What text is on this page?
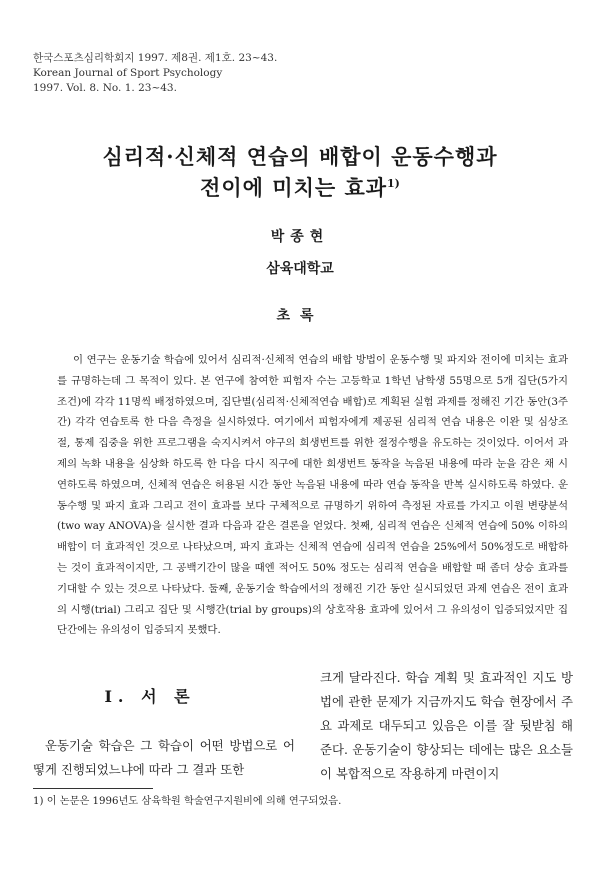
한국스포츠심리학회지 1997. 제8권. 제1호. 23~43.
Korean Journal of Sport Psychology
1997. Vol. 8. No. 1. 23~43.
심리적·신체적 연습의 배합이 운동수행과
전이에 미치는 효과$^{1)}$
박종현
삼육대학교
초록

이 연구는 운동기술 학습에 있어서 심리적·신체적 연습의 배합 방법이 운동수행 및 파지와 전이에 미치는 효과를 규명하는데 그 목적이 있다. 본 연구에 참여한 피험자 수는 고등학교 1학년 남학생 55명으로 5개 집단(5가지 조건)에 각각 11명씩 배정하였으며, 집단별(심리적·신체적연습 배합)로 계획된 실험 과제를 정해진 기간 동안(3주간) 각각 연습토록 한 다음 측정을 실시하였다. 여기에서 피험자에게 제공된 심리적 연습 내용은 이완 및 심상조절, 통제 집중을 위한 프로그램을 숙지시켜서 야구의 희생번트를 위한 절정수행을 유도하는 것이었다. 이어서 과제의 녹화 내용을 심상화 하도록 한 다음 다시 직구에 대한 희생번트 동작을 녹음된 내용에 따라 눈을 감은 채 시연하도록 하였으며, 신체적 연습은 허용된 시간 동안 녹음된 내용에 따라 연습 동작을 반복 실시하도록 하였다. 운동수행 및 파지 효과 그리고 전이 효과를 보다 구체적으로 규명하기 위하여 측정된 자료를 가지고 이원 변량분석(two way ANOVA)을 실시한 결과 다음과 같은 결론을 얻었다. 첫째, 심리적 연습은 신체적 연습에 50% 이하의 배합이 더 효과적인 것으로 나타났으며, 파지 효과는 신체적 연습에 심리적 연습을 25%에서 50%정도로 배합하는 것이 효과적이지만, 그 공백기간이 많을 때엔 적어도 50% 정도는 심리적 연습을 배합할 때 좀더 상승 효과를 기대할 수 있는 것으로 나타났다. 둘째, 운동기술 학습에서의 정해진 기간 동안 실시되었던 과제 연습은 전이 효과의 시행(trial) 그리고 집단 및 시행간(trial by groups)의 상호작용 효과에 있어서 그 유의성이 입증되었지만 집단간에는 유의성이 입증되지 못했다.

I. 서 론

운동기술 학습은 그 학습이 어떤 방법으로 어떻게 진행되었느냐에 따라 그 결과 또한

크게 달라진다. 학습 계획 및 효과적인 지도 방법에 관한 문제가 지금까지도 학습 현장에서 주요 과제로 대두되고 있음은 이를 잘 뒷받침 해준다. 운동기술이 향상되는 데에는 많은 요소들이 복합적으로 작용하게 마련이지

1) 이 논문은 1996년도 삼육학원 학술연구지원비에 의해 연구되었음.
